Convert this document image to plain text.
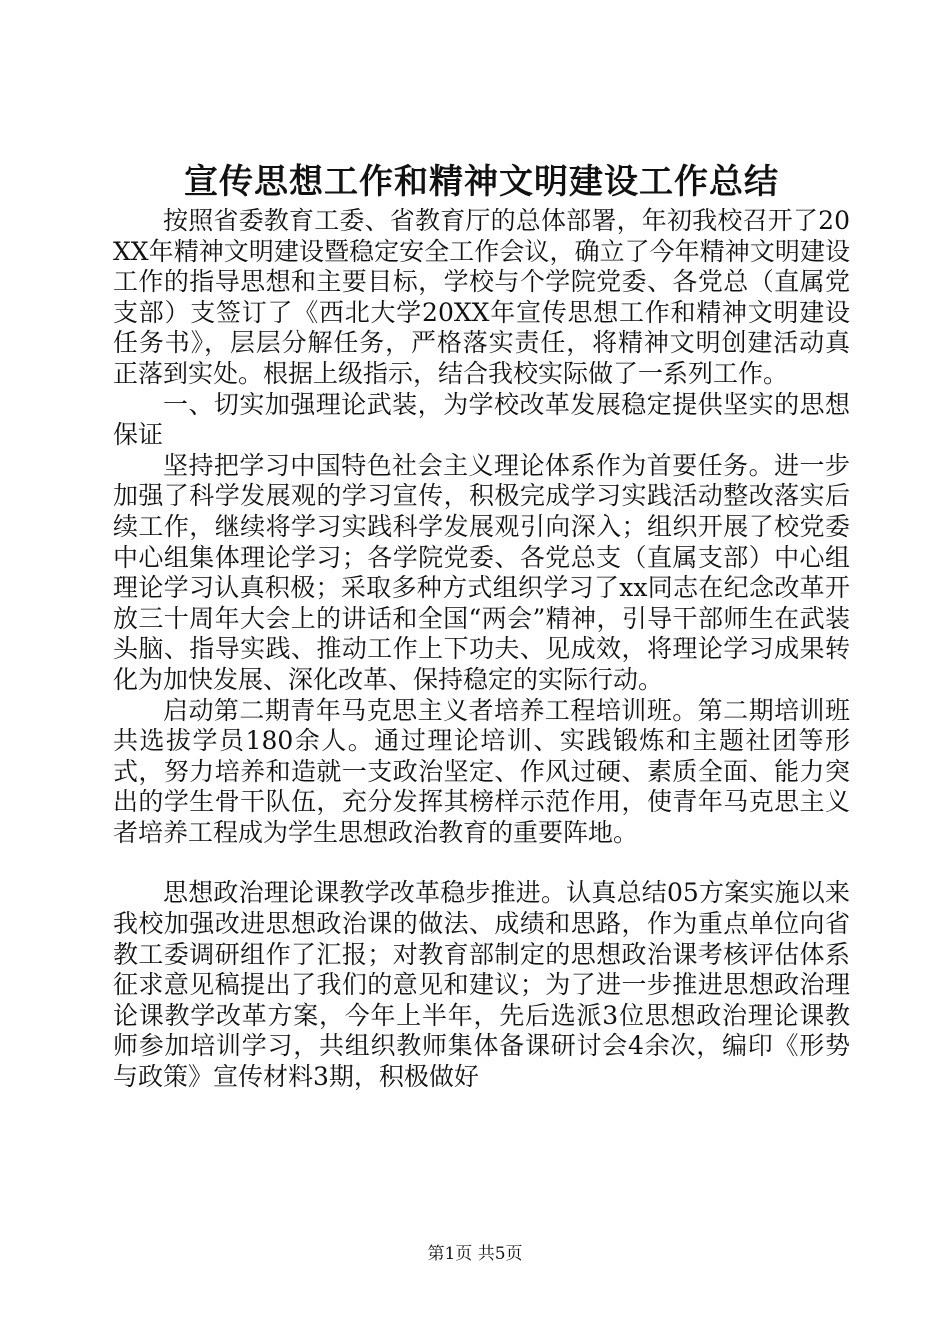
宣传思想工作和精神文明建设工作总结

按照省委教育工委、省教育厅的总体部署，年初我校召开了20XX年精神文明建设暨稳定安全工作会议，确立了今年精神文明建设工作的指导思想和主要目标，学校与个学院党委、各党总（直属党支部）支签订了《西北大学20XX年宣传思想工作和精神文明建设任务书》，层层分解任务，严格落实责任，将精神文明创建活动真正落到实处。根据上级指示，结合我校实际做了一系列工作。

一、切实加强理论武装，为学校改革发展稳定提供坚实的思想保证

坚持把学习中国特色社会主义理论体系作为首要任务。进一步加强了科学发展观的学习宣传，积极完成学习实践活动整改落实后续工作，继续将学习实践科学发展观引向深入；组织开展了校党委中心组集体理论学习；各学院党委、各党总支（直属支部）中心组理论学习认真积极；采取多种方式组织学习了xx同志在纪念改革开放三十周年大会上的讲话和全国“两会”精神，引导干部师生在武装头脑、指导实践、推动工作上下功夫、见成效，将理论学习成果转化为加快发展、深化改革、保持稳定的实际行动。

启动第二期青年马克思主义者培养工程培训班。第二期培训班共选拔学员180余人。通过理论培训、实践锻炼和主题社团等形式，努力培养和造就一支政治坚定、作风过硬、素质全面、能力突出的学生骨干队伍，充分发挥其榜样示范作用，使青年马克思主义者培养工程成为学生思想政治教育的重要阵地。

思想政治理论课教学改革稳步推进。认真总结05方案实施以来我校加强改进思想政治课的做法、成绩和思路，作为重点单位向省教工委调研组作了汇报；对教育部制定的思想政治课考核评估体系征求意见稿提出了我们的意见和建议；为了进一步推进思想政治理论课教学改革方案，今年上半年，先后选派3位思想政治理论课教师参加培训学习，共组织教师集体备课研讨会4余次，编印《形势与政策》宣传材料3期，积极做好

第1页 共5页
